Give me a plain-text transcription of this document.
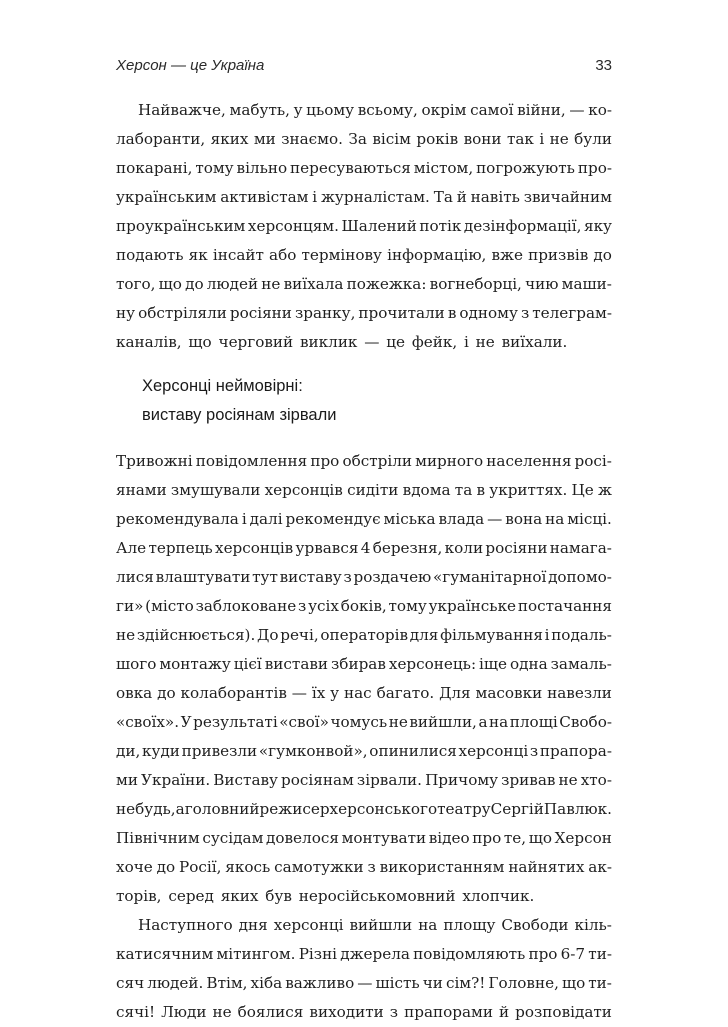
Херсон — це Україна	33
Найважче, мабуть, у цьому всьому, окрім самої війни, — ко-
лаборанти, яких ми знаємо. За вісім років вони так і не були
покарані, тому вільно пересуваються містом, погрожують про-
українським активістам і журналістам. Та й навіть звичайним
проукраїнським херсонцям. Шалений потік дезінформації, яку
подають як інсайт або термінову інформацію, вже призвів до
того, що до людей не виїхала пожежка: вогнеборці, чию маши-
ну обстріляли росіяни зранку, прочитали в одному з телеграм-
каналів, що черговий виклик — це фейк, і не виїхали.
Херсонці неймовірні:
виставу росіянам зірвали
Тривожні повідомлення про обстріли мирного населення росі-
янами змушували херсонців сидіти вдома та в укриттях. Це ж
рекомендувала і далі рекомендує міська влада — вона на місці.
Але терпець херсонців урвався 4 березня, коли росіяни намага-
лися влаштувати тут виставу з роздачею «гуманітарної допомо-
ги» (місто заблоковане з усіх боків, тому українське постачання
не здійснюється). До речі, операторів для фільмування і подаль-
шого монтажу цієї вистави збирав херсонець: іще одна замаль-
овка до колаборантів — їх у нас багато. Для масовки навезли
«своїх». У результаті «свої» чомусь не вийшли, а на площі Свобо-
ди, куди привезли «гумконвой», опинилися херсонці з прапора-
ми України. Виставу росіянам зірвали. Причому зривав не хто-
небудь, а головний режисер херсонського театру Сергій Павлюк.
Північним сусідам довелося монтувати відео про те, що Херсон
хоче до Росії, якось самотужки з використанням найнятих ак-
торів, серед яких був неросійськомовний хлопчик.
Наступного дня херсонці вийшли на площу Свободи кіль-
катисячним мітингом. Різні джерела повідомляють про 6-7 ти-
сяч людей. Втім, хіба важливо — шість чи сім?! Головне, що ти-
сячі! Люди не боялися виходити з прапорами й розповідати
